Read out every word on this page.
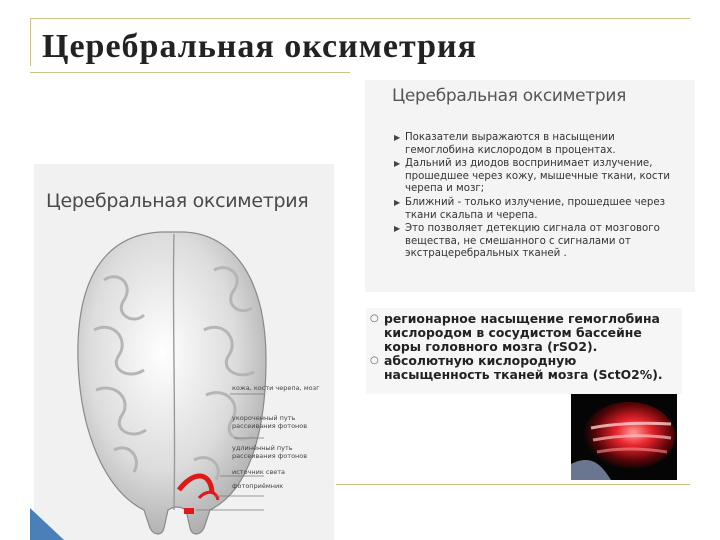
Церебральная оксиметрия
Церебральная оксиметрия
кожа, кости черепа, мозг
укороченный путь рассеивания фотонов
удлинённый путь рассеивания фотонов
источник света
фотоприёмник
Церебральная оксиметрия
▶ Показатели выражаются в насыщении гемоглобина кислородом в процентах.
▶ Дальний из диодов воспринимает излучение, прошедшее через кожу, мышечные ткани, кости черепа и мозг;
▶ Ближний - только излучение, прошедшее через ткани скальпа и черепа.
▶ Это позволяет детекцию сигнала от мозгового вещества, не смешанного с сигналами от экстрацеребральных тканей .
○ регионарное насыщение гемоглобина кислородом в сосудистом бассейне коры головного мозга (rSO2).
○ абсолютную кислородную насыщенность тканей мозга (SctO2%).
